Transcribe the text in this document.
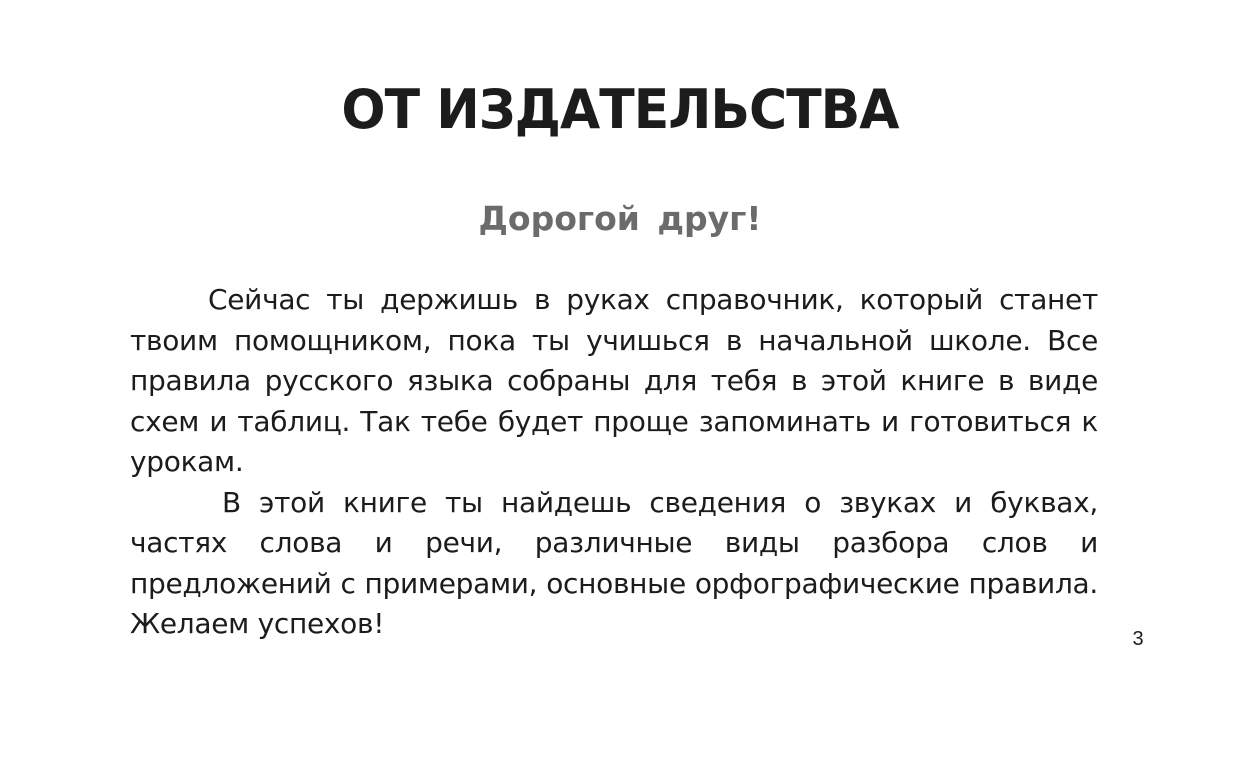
ОТ ИЗДАТЕЛЬСТВА
Дорогой друг!

Сейчас ты держишь в руках справочник, который станет твоим помощником, пока ты учишься в начальной школе. Все правила русского языка собраны для тебя в этой книге в виде схем и таблиц. Так тебе будет проще запоминать и готовиться к урокам.

В этой книге ты найдешь сведения о звуках и буквах, частях слова и речи, различные виды разбора слов и предложений с примерами, основные орфографические правила. Желаем успехов!	3
